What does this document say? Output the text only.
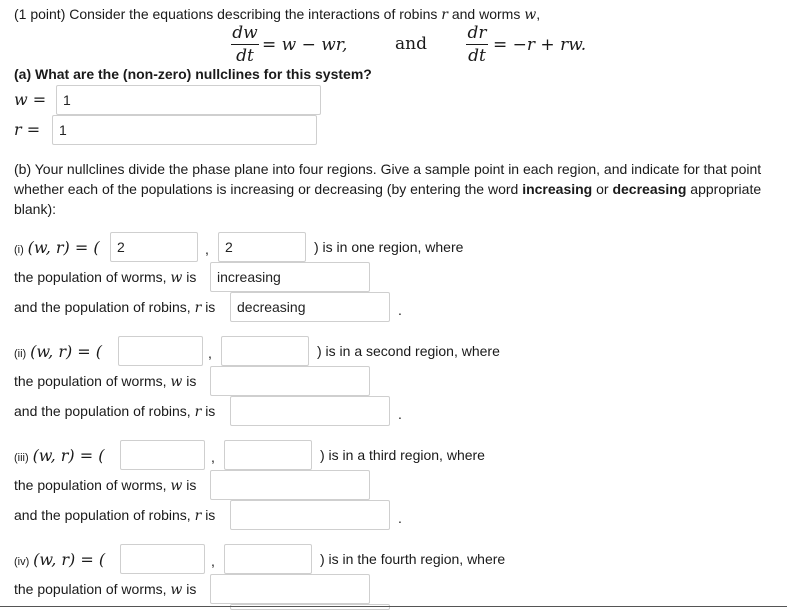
(1 point) Consider the equations describing the interactions of robins r and worms w,
dw
dt
= w − wr,	and
dr
dt
= −r + rw.
(a) What are the (non-zero) nullclines for this system?
w =	1
r =	1
(b) Your nullclines divide the phase plane into four regions. Give a sample point in each region, and indicate for that point
whether each of the populations is increasing or decreasing (by entering the word increasing or decreasing appropriate
blank):
(i) (w, r) = (	2	,	2	) is in one region, where
the population of worms, w is	increasing
and the population of robins, r is	decreasing	.
(ii) (w, r) = (	,	) is in a second region, where
the population of worms, w is
and the population of robins, r is	.
(iii) (w, r) = (	,	) is in a third region, where
the population of worms, w is
and the population of robins, r is	.
(iv) (w, r) = (	,	) is in the fourth region, where
the population of worms, w is
